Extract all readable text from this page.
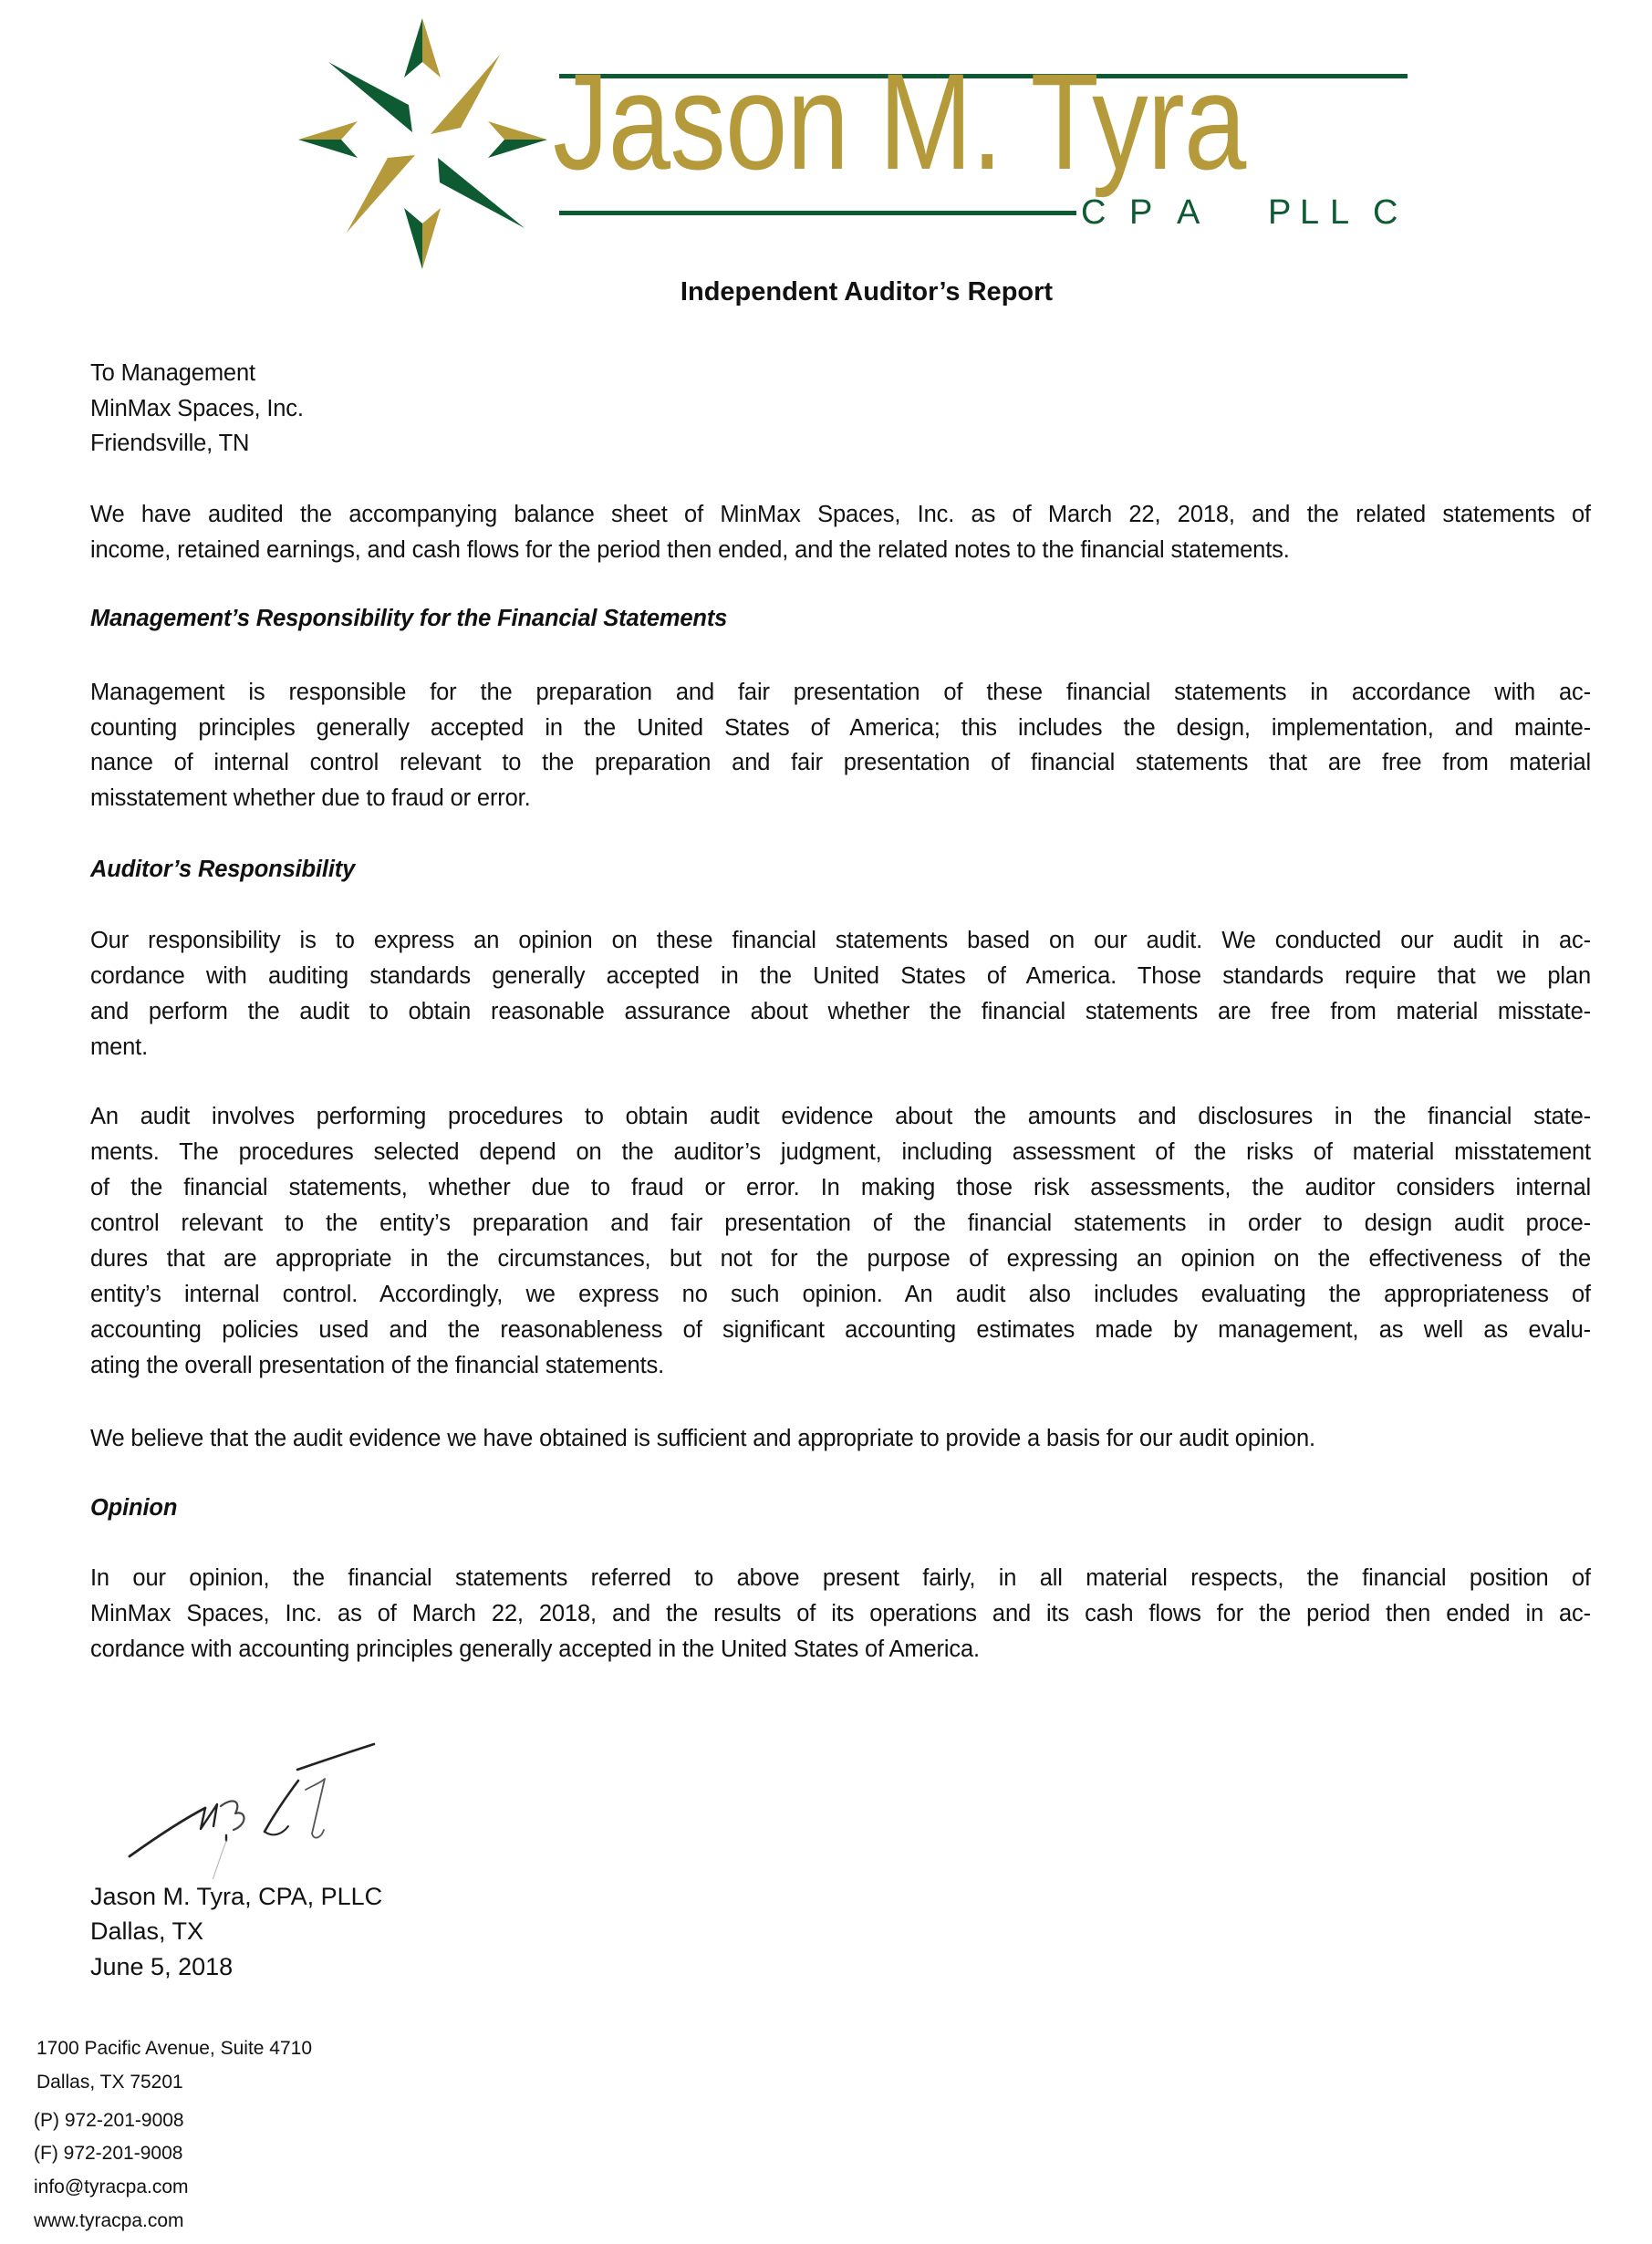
Jason M. Tyra
C P A P L L C
Independent Auditor’s Report
To Management
MinMax Spaces, Inc.
Friendsville, TN
We have audited the accompanying balance sheet of MinMax Spaces, Inc. as of March 22, 2018, and the related statements of
income, retained earnings, and cash flows for the period then ended, and the related notes to the financial statements.
Management’s Responsibility for the Financial Statements
Management is responsible for the preparation and fair presentation of these financial statements in accordance with ac-
counting principles generally accepted in the United States of America; this includes the design, implementation, and mainte-
nance of internal control relevant to the preparation and fair presentation of financial statements that are free from material
misstatement whether due to fraud or error.
Auditor’s Responsibility
Our responsibility is to express an opinion on these financial statements based on our audit. We conducted our audit in ac-
cordance with auditing standards generally accepted in the United States of America. Those standards require that we plan
and perform the audit to obtain reasonable assurance about whether the financial statements are free from material misstate-
ment.
An audit involves performing procedures to obtain audit evidence about the amounts and disclosures in the financial state-
ments. The procedures selected depend on the auditor’s judgment, including assessment of the risks of material misstatement
of the financial statements, whether due to fraud or error. In making those risk assessments, the auditor considers internal
control relevant to the entity’s preparation and fair presentation of the financial statements in order to design audit proce-
dures that are appropriate in the circumstances, but not for the purpose of expressing an opinion on the effectiveness of the
entity’s internal control. Accordingly, we express no such opinion. An audit also includes evaluating the appropriateness of
accounting policies used and the reasonableness of significant accounting estimates made by management, as well as evalu-
ating the overall presentation of the financial statements.
We believe that the audit evidence we have obtained is sufficient and appropriate to provide a basis for our audit opinion.
Opinion
In our opinion, the financial statements referred to above present fairly, in all material respects, the financial position of
MinMax Spaces, Inc. as of March 22, 2018, and the results of its operations and its cash flows for the period then ended in ac-
cordance with accounting principles generally accepted in the United States of America.
Jason M. Tyra, CPA, PLLC
Dallas, TX
June 5, 2018
1700 Pacific Avenue, Suite 4710
Dallas, TX 75201
(P) 972-201-9008
(F) 972-201-9008
info@tyracpa.com
www.tyracpa.com
